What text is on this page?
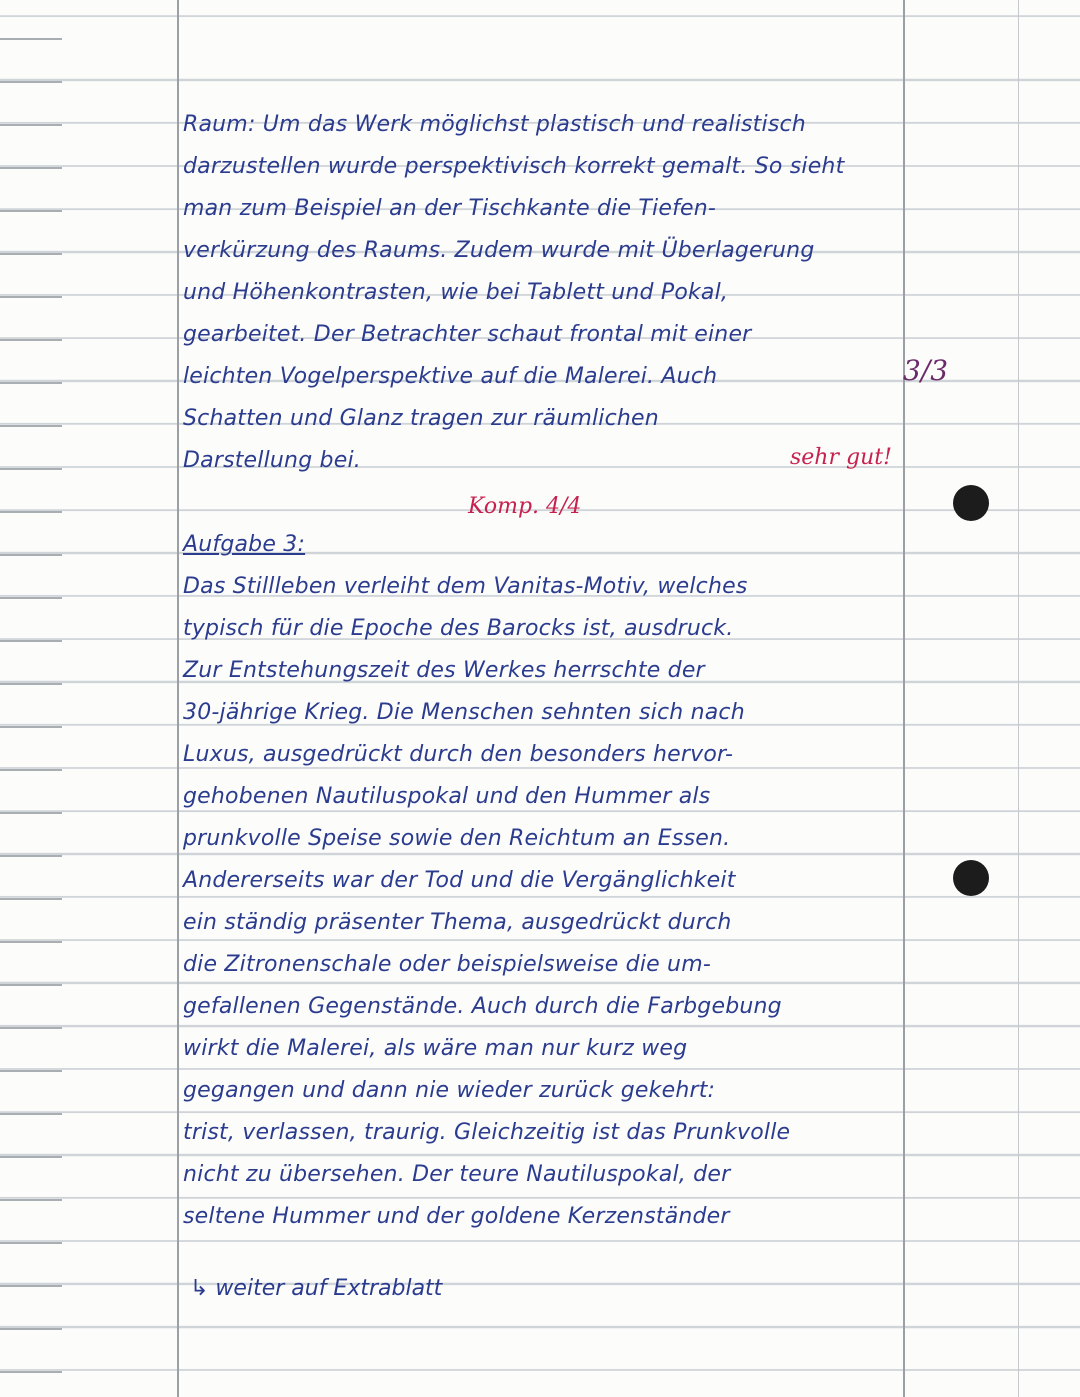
Raum: Um das Werk möglichst plastisch und realistisch
darzustellen wurde perspektivisch korrekt gemalt. So sieht
man zum Beispiel an der Tischkante die Tiefen-
verkürzung des Raums. Zudem wurde mit Überlagerung
und Höhenkontrasten, wie bei Tablett und Pokal,
gearbeitet. Der Betrachter schaut frontal mit einer
leichten Vogelperspektive auf die Malerei. Auch
Schatten und Glanz tragen zur räumlichen
Darstellung bei.
Aufgabe 3:
Das Stillleben verleiht dem Vanitas-Motiv, welches
typisch für die Epoche des Barocks ist, ausdruck.
Zur Entstehungszeit des Werkes herrschte der
30-jährige Krieg. Die Menschen sehnten sich nach
Luxus, ausgedrückt durch den besonders hervor-
gehobenen Nautiluspokal und den Hummer als
prunkvolle Speise sowie den Reichtum an Essen.
Andererseits war der Tod und die Vergänglichkeit
ein ständig präsenter Thema, ausgedrückt durch
die Zitronenschale oder beispielsweise die um-
gefallenen Gegenstände. Auch durch die Farbgebung
wirkt die Malerei, als wäre man nur kurz weg
gegangen und dann nie wieder zurück gekehrt:
trist, verlassen, traurig. Gleichzeitig ist das Prunkvolle
nicht zu übersehen. Der teure Nautiluspokal, der
seltene Hummer und der goldene Kerzenständer
3/3
sehr gut!
Komp. 4/4
↳ weiter auf Extrablatt
